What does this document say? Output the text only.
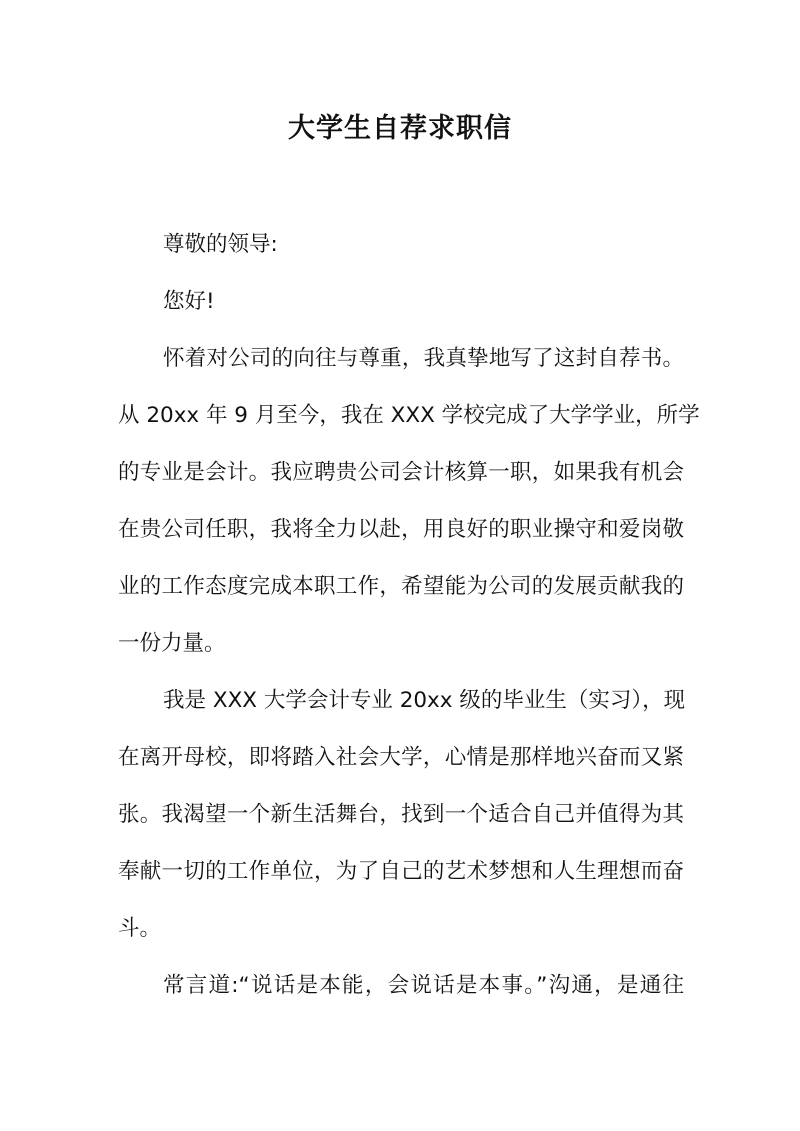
大学生自荐求职信
尊敬的领导:
您好!
怀着对公司的向往与尊重，我真挚地写了这封自荐书。
从 20xx 年 9 月至今，我在 XXX 学校完成了大学学业，所学
的专业是会计。我应聘贵公司会计核算一职，如果我有机会
在贵公司任职，我将全力以赴，用良好的职业操守和爱岗敬
业的工作态度完成本职工作，希望能为公司的发展贡献我的
一份力量。
我是 XXX 大学会计专业 20xx 级的毕业生（实习），现
在离开母校，即将踏入社会大学，心情是那样地兴奋而又紧
张。我渴望一个新生活舞台，找到一个适合自己并值得为其
奉献一切的工作单位，为了自己的艺术梦想和人生理想而奋
斗。
常言道:“说话是本能，会说话是本事。”沟通，是通往
